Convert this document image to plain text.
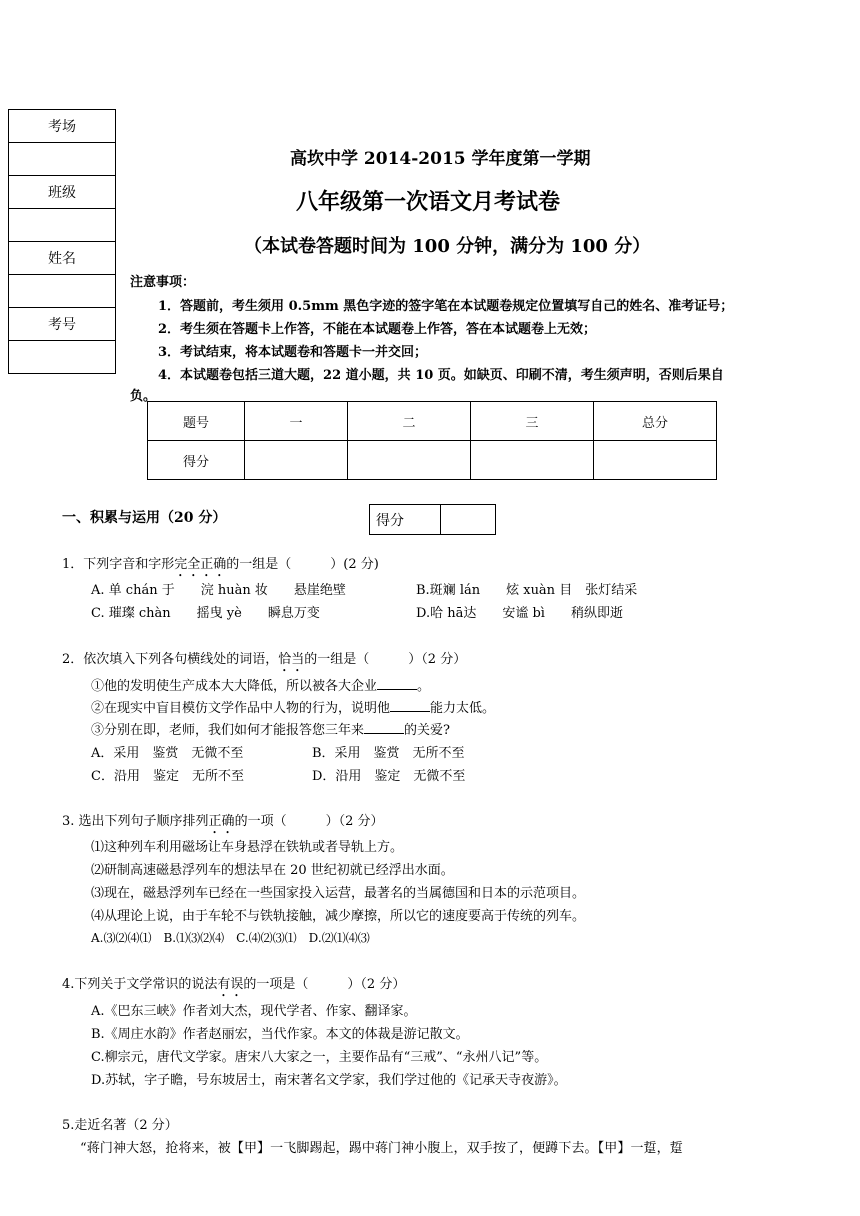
考场

班级

姓名

考号

高坎中学 2014-2015 学年度第一学期
八年级第一次语文月考试卷
（本试卷答题时间为 100 分钟，满分为 100 分）
注意事项：
1．答题前，考生须用 0.5mm 黑色字迹的签字笔在本试题卷规定位置填写自己的姓名、准考证号；
2．考生须在答题卡上作答，不能在本试题卷上作答，答在本试题卷上无效；
3．考试结束，将本试题卷和答题卡一并交回；
4．本试题卷包括三道大题，22 道小题，共 10 页。如缺页、印刷不清，考生须声明，否则后果自
负。
题号	一	二	三	总分
得分				
一、积累与运用（20 分）	得分	
1．下列字音和字形完全正确的一组是（　　　）(2 分)
A. 单 chán 于　　浣 huàn 妆　　悬崖绝壁	B.斑斓 lán　　炫 xuàn 目　张灯结采
C. 璀璨 chàn　　摇曳 yè　　瞬息万变	D.哈 hā达　　安谧 bì　　稍纵即逝
2．依次填入下列各句横线处的词语，恰当的一组是（　　　）（2 分）
①他的发明使生产成本大大降低，所以被各大企业	。
②在现实中盲目模仿文学作品中人物的行为，说明他	能力太低。
③分别在即，老师，我们如何才能报答您三年来	的关爱?
A．采用　鉴赏　无微不至	B．采用　鉴赏　无所不至
C．沿用　鉴定　无所不至	D．沿用　鉴定　无微不至
3. 选出下列句子顺序排列正确的一项（　　　）（2 分）
⑴这种列车利用磁场让车身悬浮在铁轨或者导轨上方。
⑵研制高速磁悬浮列车的想法早在 20 世纪初就已经浮出水面。
⑶现在，磁悬浮列车已经在一些国家投入运营，最著名的当属德国和日本的示范项目。
⑷从理论上说，由于车轮不与铁轨接触，减少摩擦，所以它的速度要高于传统的列车。
A.⑶⑵⑷⑴　B.⑴⑶⑵⑷　C.⑷⑵⑶⑴　D.⑵⑴⑷⑶
4.下列关于文学常识的说法有误的一项是（　　　）（2 分）
A.《巴东三峡》作者刘大杰，现代学者、作家、翻译家。
B.《周庄水韵》作者赵丽宏，当代作家。本文的体裁是游记散文。
C.柳宗元，唐代文学家。唐宋八大家之一，主要作品有“三戒”、“永州八记”等。
D.苏轼，字子瞻，号东坡居士，南宋著名文学家，我们学过他的《记承天寺夜游》。
5.走近名著（2 分）
“蒋门神大怒，抢将来，被【甲】一飞脚踢起，踢中蒋门神小腹上，双手按了，便蹲下去。【甲】一踅，踅
